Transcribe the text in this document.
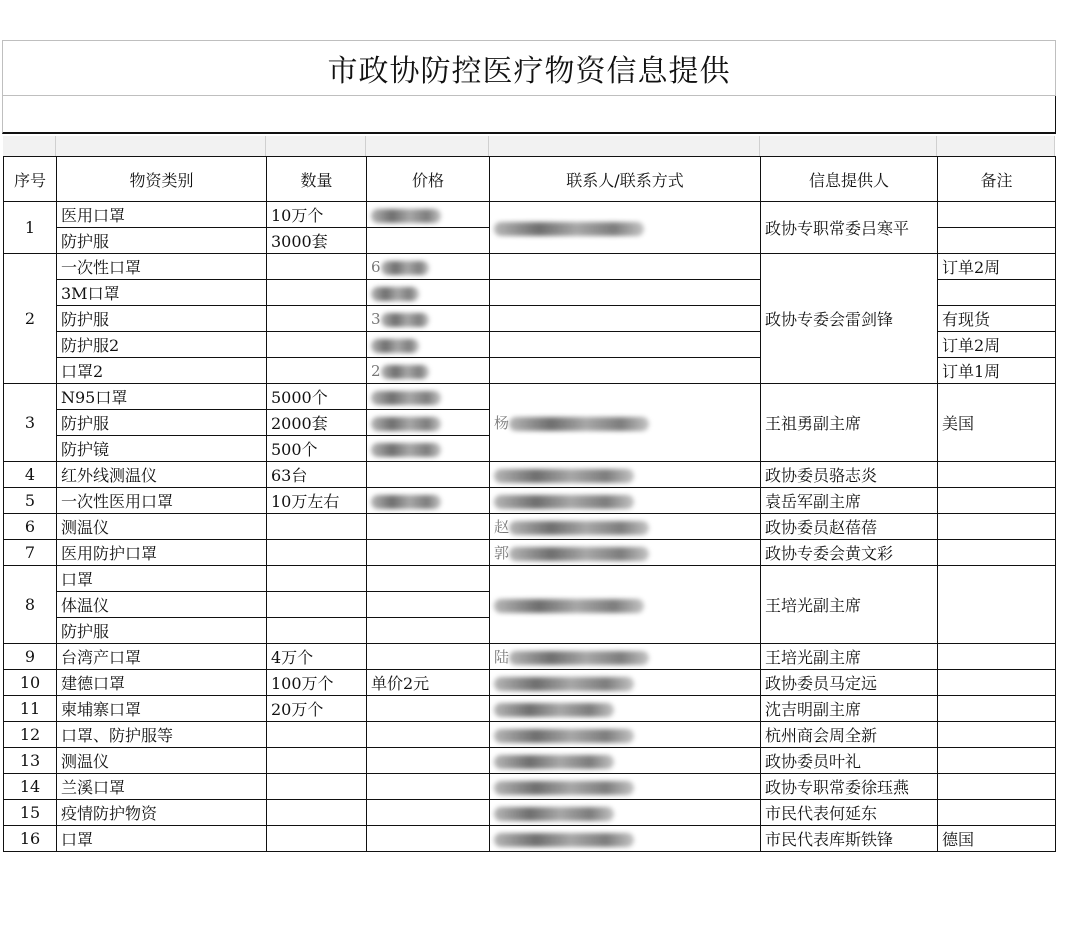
市政协防控医疗物资信息提供
序号	物资类别	数量	价格	联系人/联系方式	信息提供人	备注
1	医用口罩	10万个			政协专职常委吕寒平	
	防护服	3000套				
2	一次性口罩		6		政协专委会雷剑锋	订单2周
	3M口罩					
	防护服		3			有现货
	防护服2					订单2周
	口罩2		2			订单1周
3	N95口罩	5000个		杨	王祖勇副主席	美国
	防护服	2000套				
	防护镜	500个				
4	红外线测温仪	63台			政协委员骆志炎	
5	一次性医用口罩	10万左右			袁岳军副主席	
6	测温仪			赵	政协委员赵蓓蓓	
7	医用防护口罩			郭	政协专委会黄文彩	
8	口罩				王培光副主席	
	体温仪					
	防护服					
9	台湾产口罩	4万个		陆	王培光副主席	
10	建德口罩	100万个	单价2元		政协委员马定远	
11	柬埔寨口罩	20万个			沈吉明副主席	
12	口罩、防护服等				杭州商会周全新	
13	测温仪				政协委员叶礼	
14	兰溪口罩				政协专职常委徐珏燕	
15	疫情防护物资				市民代表何延东	
16	口罩				市民代表库斯铁锋	德国
